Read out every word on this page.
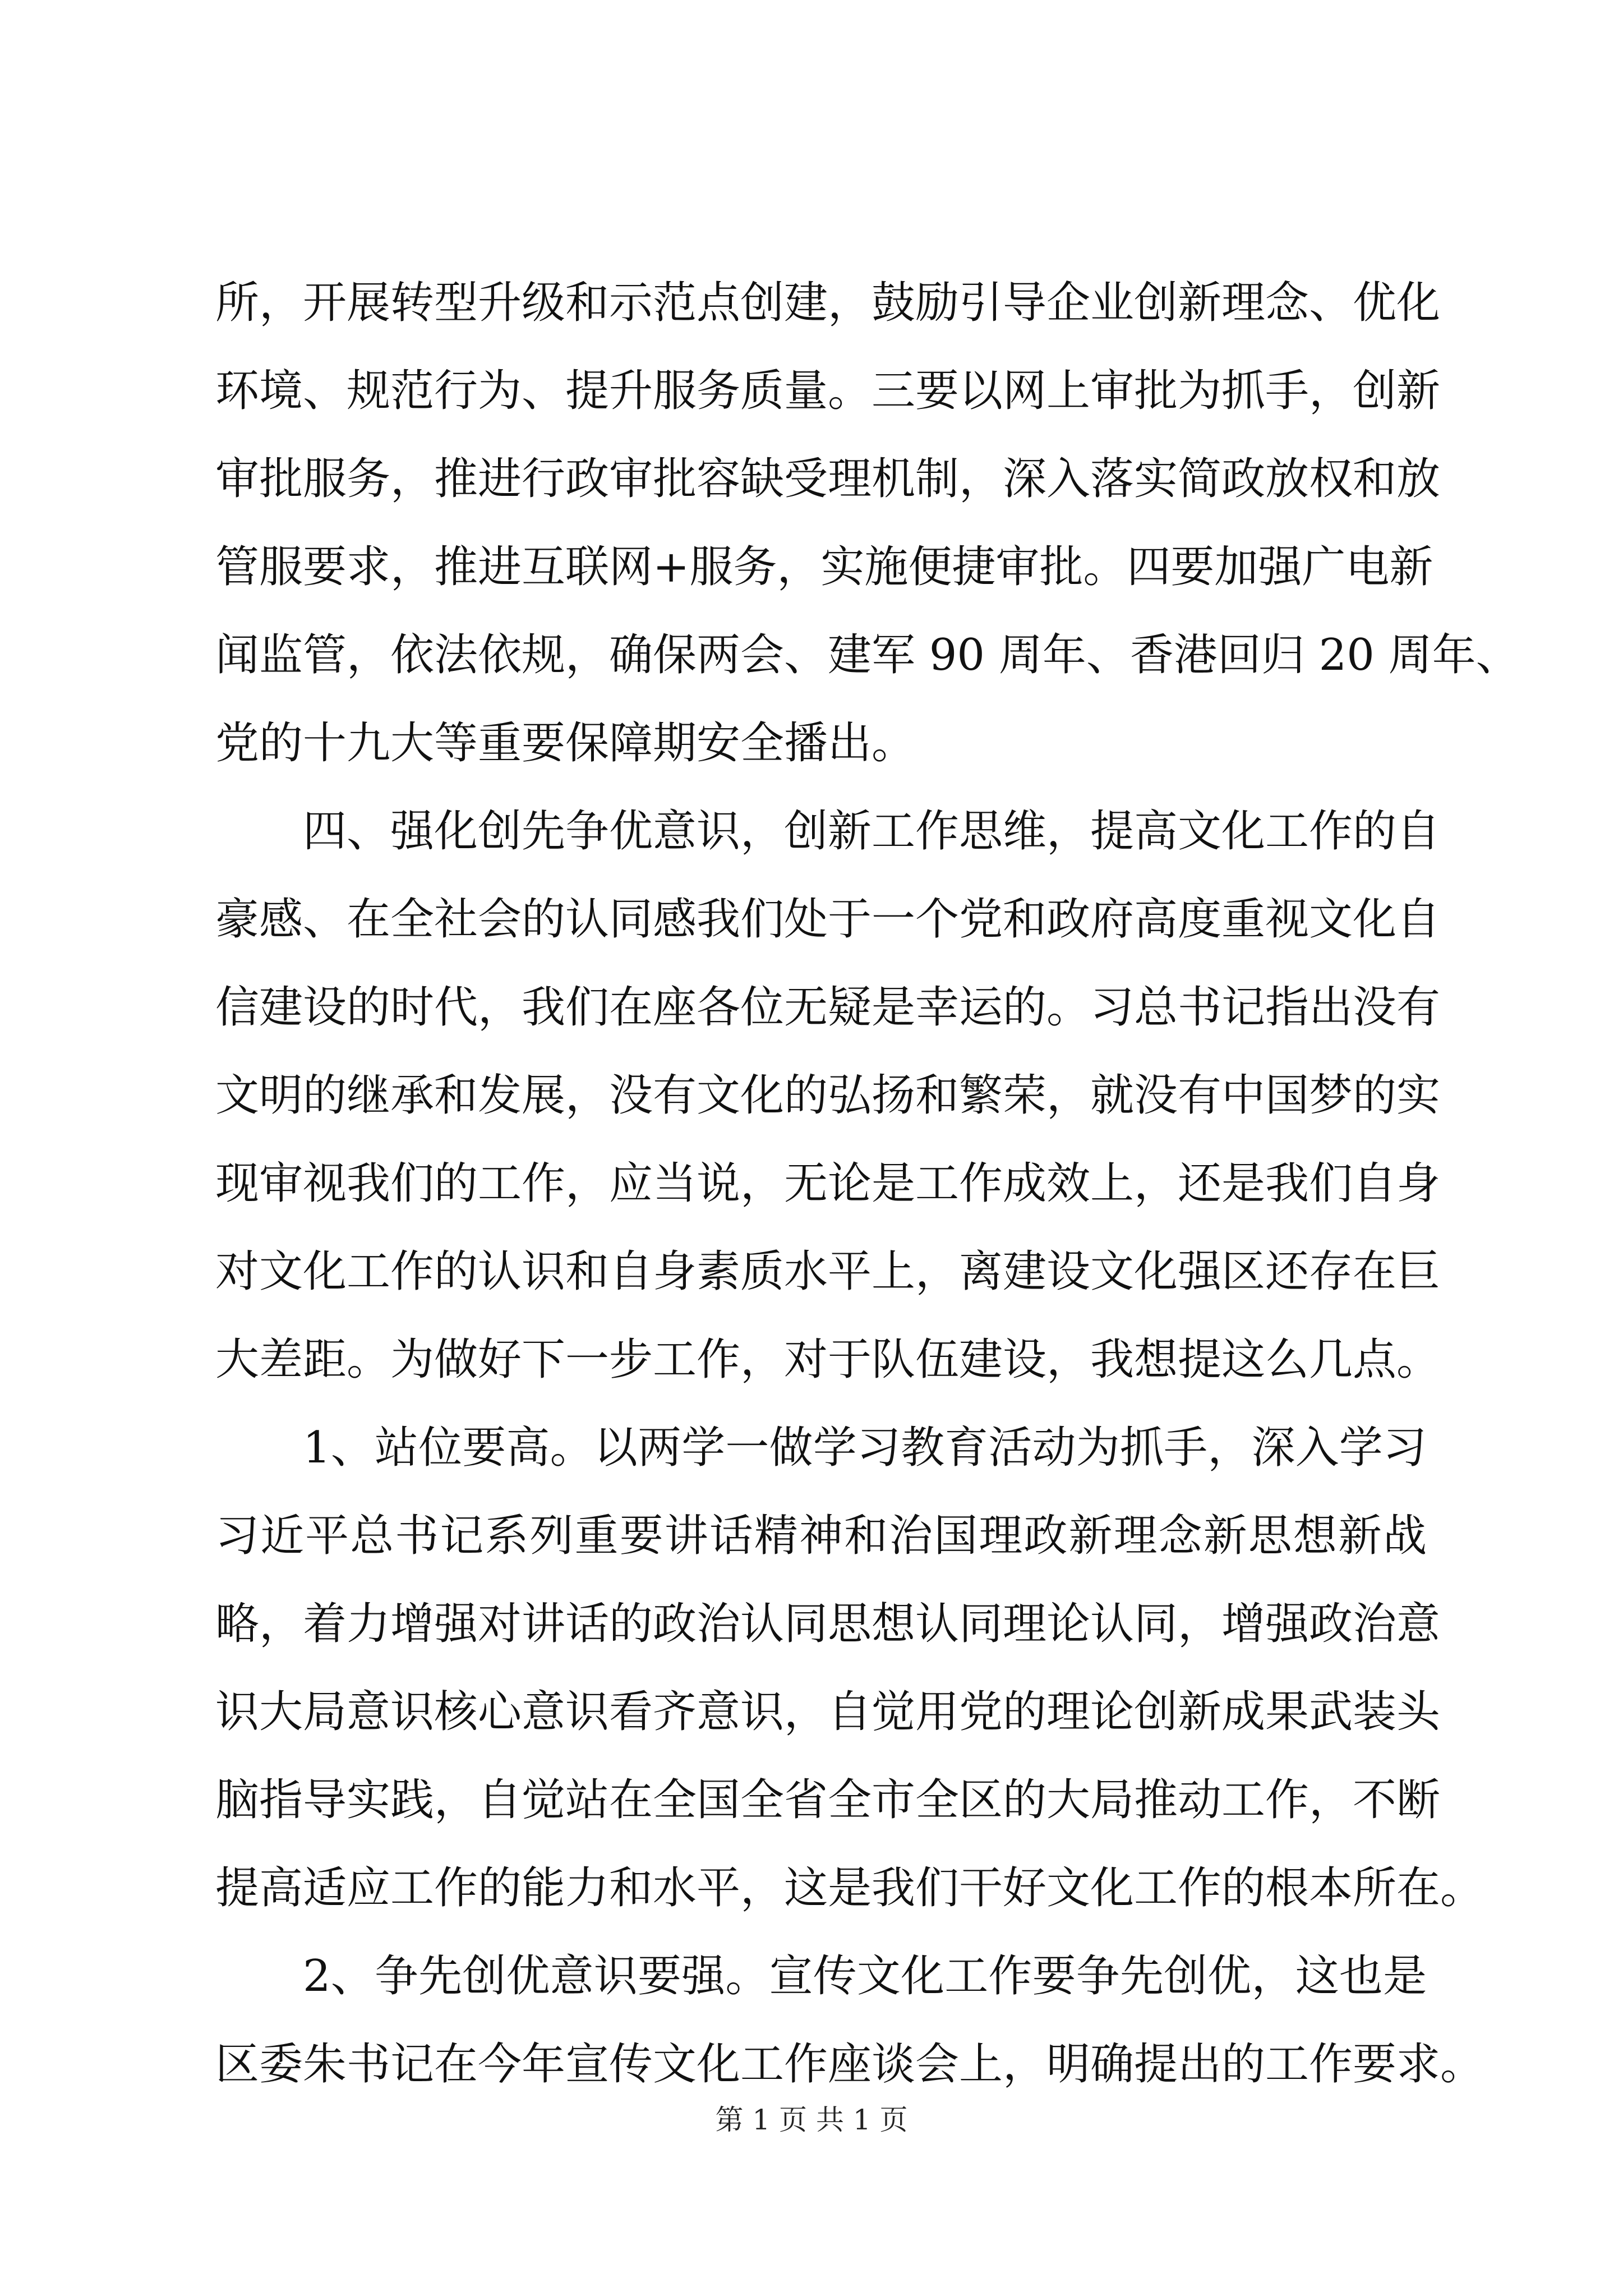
所，开展转型升级和示范点创建，鼓励引导企业创新理念、优化
环境、规范行为、提升服务质量。三要以网上审批为抓手，创新
审批服务，推进行政审批容缺受理机制，深入落实简政放权和放
管服要求，推进互联网+服务，实施便捷审批。四要加强广电新
闻监管，依法依规，确保两会、建军 90 周年、香港回归 20 周年、
党的十九大等重要保障期安全播出。
四、强化创先争优意识，创新工作思维，提高文化工作的自
豪感、在全社会的认同感我们处于一个党和政府高度重视文化自
信建设的时代，我们在座各位无疑是幸运的。习总书记指出没有
文明的继承和发展，没有文化的弘扬和繁荣，就没有中国梦的实
现审视我们的工作，应当说，无论是工作成效上，还是我们自身
对文化工作的认识和自身素质水平上，离建设文化强区还存在巨
大差距。为做好下一步工作，对于队伍建设，我想提这么几点。
1、站位要高。以两学一做学习教育活动为抓手，深入学习
习近平总书记系列重要讲话精神和治国理政新理念新思想新战
略，着力增强对讲话的政治认同思想认同理论认同，增强政治意
识大局意识核心意识看齐意识，自觉用党的理论创新成果武装头
脑指导实践，自觉站在全国全省全市全区的大局推动工作，不断
提高适应工作的能力和水平，这是我们干好文化工作的根本所在。
2、争先创优意识要强。宣传文化工作要争先创优，这也是
区委朱书记在今年宣传文化工作座谈会上，明确提出的工作要求。
第 1 页 共 1 页
